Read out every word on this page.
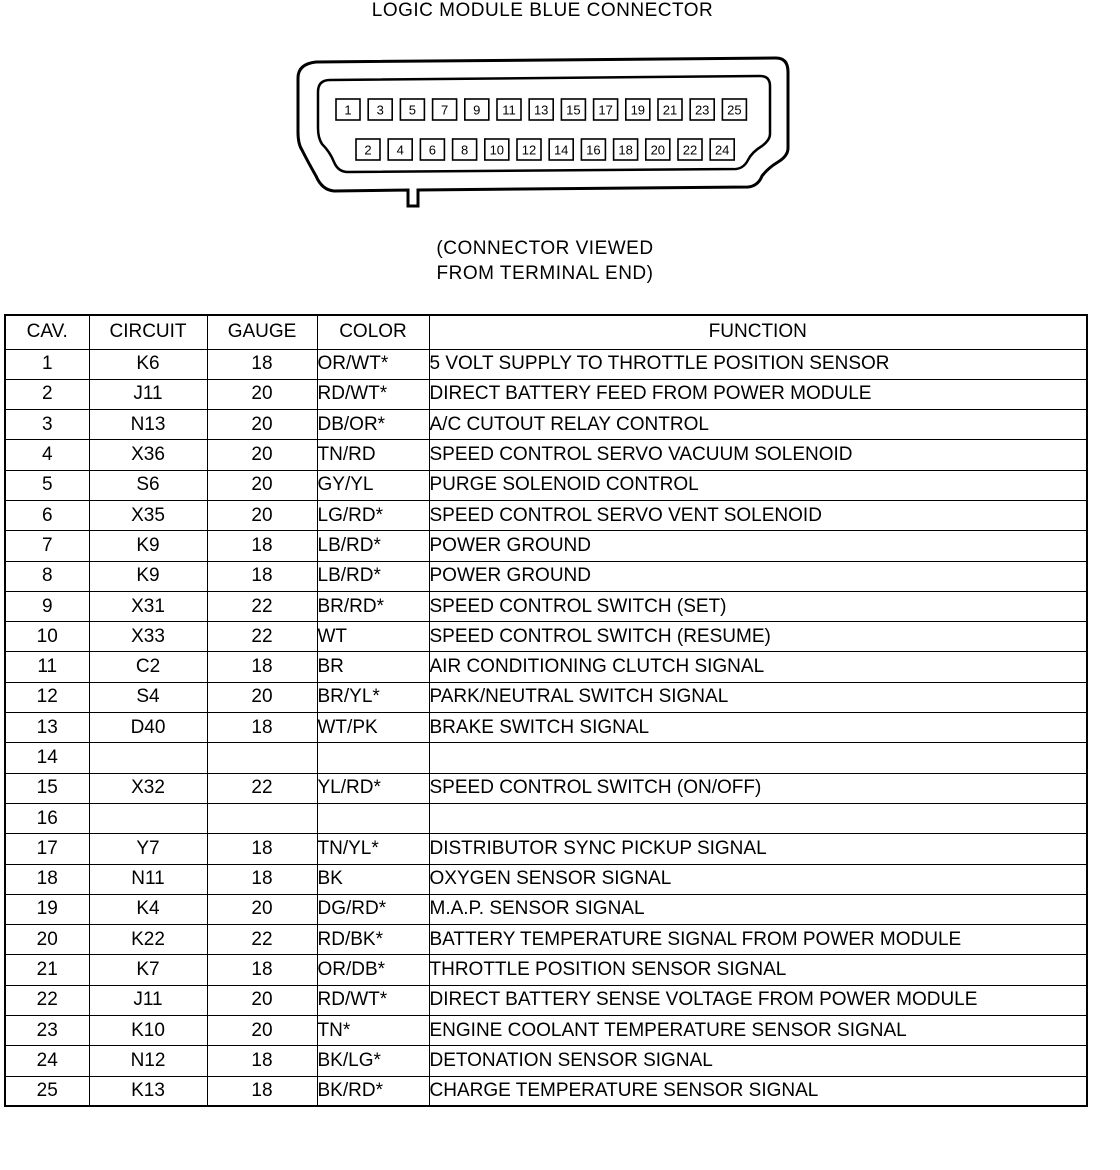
LOGIC MODULE BLUE CONNECTOR
1 3 5 7 9 11 13 15 17 19 21 23 25
2 4 6 8 10 12 14 16 18 20 22 24
(CONNECTOR VIEWED
FROM TERMINAL END)
CAV.	CIRCUIT	GAUGE	COLOR	FUNCTION
1	K6	18	OR/WT*	5 VOLT SUPPLY TO THROTTLE POSITION SENSOR
2	J11	20	RD/WT*	DIRECT BATTERY FEED FROM POWER MODULE
3	N13	20	DB/OR*	A/C CUTOUT RELAY CONTROL
4	X36	20	TN/RD	SPEED CONTROL SERVO VACUUM SOLENOID
5	S6	20	GY/YL	PURGE SOLENOID CONTROL
6	X35	20	LG/RD*	SPEED CONTROL SERVO VENT SOLENOID
7	K9	18	LB/RD*	POWER GROUND
8	K9	18	LB/RD*	POWER GROUND
9	X31	22	BR/RD*	SPEED CONTROL SWITCH (SET)
10	X33	22	WT	SPEED CONTROL SWITCH (RESUME)
11	C2	18	BR	AIR CONDITIONING CLUTCH SIGNAL
12	S4	20	BR/YL*	PARK/NEUTRAL SWITCH SIGNAL
13	D40	18	WT/PK	BRAKE SWITCH SIGNAL
14				
15	X32	22	YL/RD*	SPEED CONTROL SWITCH (ON/OFF)
16				
17	Y7	18	TN/YL*	DISTRIBUTOR SYNC PICKUP SIGNAL
18	N11	18	BK	OXYGEN SENSOR SIGNAL
19	K4	20	DG/RD*	M.A.P. SENSOR SIGNAL
20	K22	22	RD/BK*	BATTERY TEMPERATURE SIGNAL FROM POWER MODULE
21	K7	18	OR/DB*	THROTTLE POSITION SENSOR SIGNAL
22	J11	20	RD/WT*	DIRECT BATTERY SENSE VOLTAGE FROM POWER MODULE
23	K10	20	TN*	ENGINE COOLANT TEMPERATURE SENSOR SIGNAL
24	N12	18	BK/LG*	DETONATION SENSOR SIGNAL
25	K13	18	BK/RD*	CHARGE TEMPERATURE SENSOR SIGNAL
